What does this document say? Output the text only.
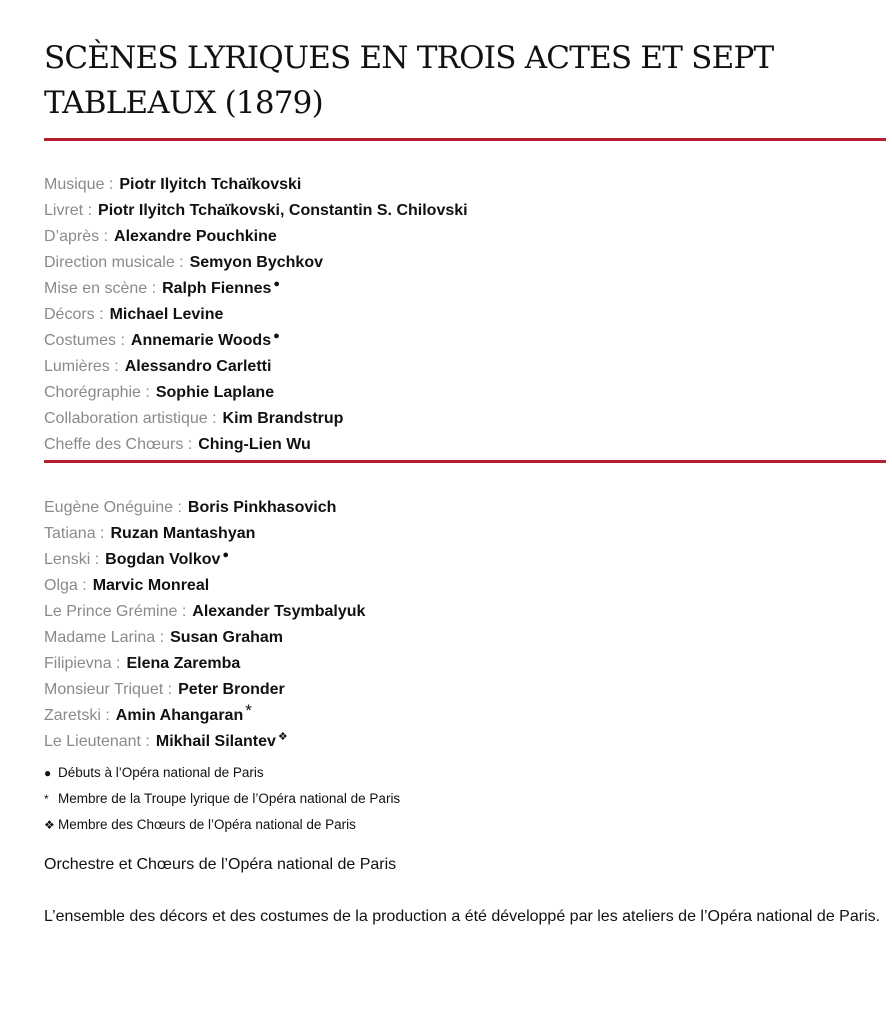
SCÈNES LYRIQUES EN TROIS ACTES ET SEPT TABLEAUX (1879)
Musique : Piotr Ilyitch Tchaïkovski
Livret : Piotr Ilyitch Tchaïkovski, Constantin S. Chilovski
D’après : Alexandre Pouchkine
Direction musicale : Semyon Bychkov
Mise en scène : Ralph Fiennes ●
Décors : Michael Levine
Costumes : Annemarie Woods ●
Lumières : Alessandro Carletti
Chorégraphie : Sophie Laplane
Collaboration artistique : Kim Brandstrup
Cheffe des Chœurs : Ching-Lien Wu
Eugène Onéguine : Boris Pinkhasovich
Tatiana : Ruzan Mantashyan
Lenski : Bogdan Volkov ●
Olga : Marvic Monreal
Le Prince Grémine : Alexander Tsymbalyuk
Madame Larina : Susan Graham
Filipievna : Elena Zaremba
Monsieur Triquet : Peter Bronder
Zaretski : Amin Ahangaran *
Le Lieutenant : Mikhail Silantev ❖
● Débuts à l’Opéra national de Paris
* Membre de la Troupe lyrique de l’Opéra national de Paris
❖ Membre des Chœurs de l’Opéra national de Paris
Orchestre et Chœurs de l’Opéra national de Paris
L’ensemble des décors et des costumes de la production a été développé par les ateliers de l’Opéra national de Paris.
